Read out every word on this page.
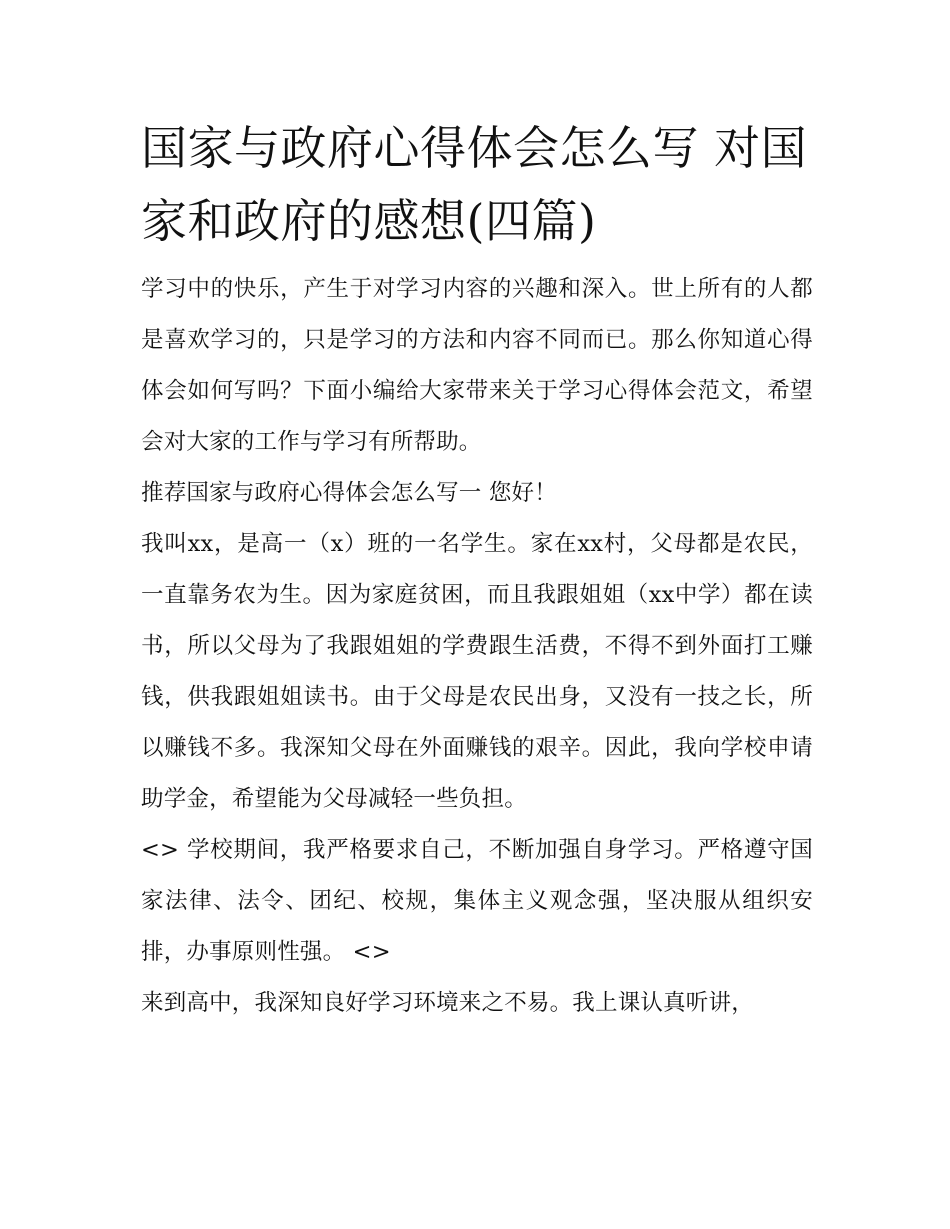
国家与政府心得体会怎么写 对国家和政府的感想(四篇)

学习中的快乐，产生于对学习内容的兴趣和深入。世上所有的人都是喜欢学习的，只是学习的方法和内容不同而已。那么你知道心得体会如何写吗？下面小编给大家带来关于学习心得体会范文，希望会对大家的工作与学习有所帮助。

推荐国家与政府心得体会怎么写一 您好！

我叫xx，是高一（x）班的一名学生。家在xx村，父母都是农民，一直靠务农为生。因为家庭贫困，而且我跟姐姐（xx中学）都在读书，所以父母为了我跟姐姐的学费跟生活费，不得不到外面打工赚钱，供我跟姐姐读书。由于父母是农民出身，又没有一技之长，所以赚钱不多。我深知父母在外面赚钱的艰辛。因此，我向学校申请助学金，希望能为父母减轻一些负担。

<> 学校期间，我严格要求自己，不断加强自身学习。严格遵守国家法律、法令、团纪、校规，集体主义观念强，坚决服从组织安排，办事原则性强。 <>

来到高中，我深知良好学习环境来之不易。我上课认真听讲，
